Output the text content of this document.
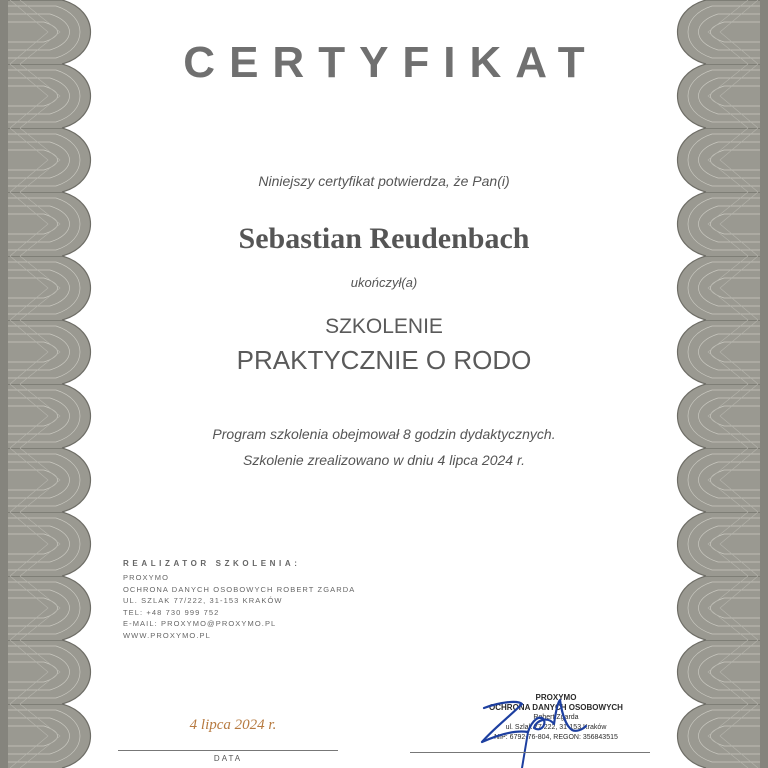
CERTYFIKAT
Niniejszy certyfikat potwierdza, że Pan(i)
Sebastian Reudenbach
ukończył(a)
SZKOLENIE
PRAKTYCZNIE O RODO
Program szkolenia obejmował 8 godzin dydaktycznych.
Szkolenie zrealizowano w dniu 4 lipca 2024 r.
REALIZATOR SZKOLENIA:
PROXYMO
OCHRONA DANYCH OSOBOWYCH ROBERT ZGARDA
UL. SZLAK 77/222, 31-153 KRAKÓW
TEL: +48 730 999 752
E-MAIL: PROXYMO@PROXYMO.PL
WWW.PROXYMO.PL
4 lipca 2024 r.
DATA
PROXYMO
OCHRONA DANYCH OSOBOWYCH
Robert Zgarda
ul. Szlak 77/222, 31-153 Kraków
NIP: 6792-76-804, REGON: 356843515
